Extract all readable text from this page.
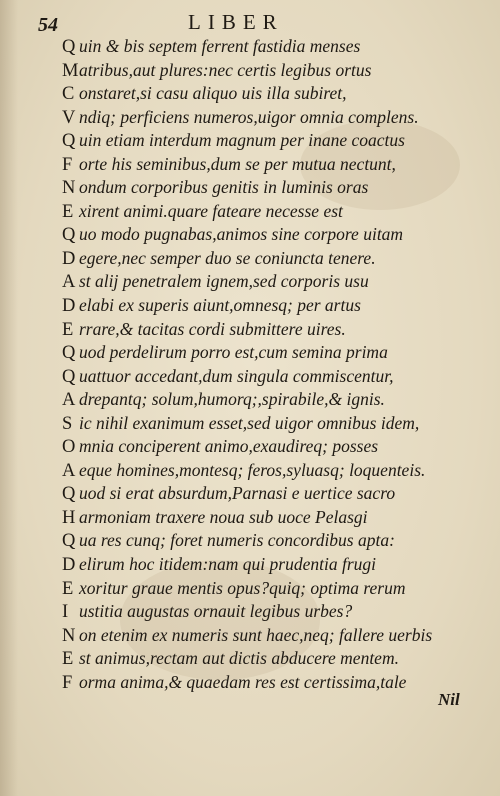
54	LIBER
Q uin & bis septem ferrent fastidia menses
Matribus,aut plures:nec certis legibus ortus
C onstaret,si casu aliquo uis illa subiret,
V ndiq; perficiens numeros,uigor omnia complens.
Q uin etiam interdum magnum per inane coactus
F orte his seminibus,dum se per mutua nectunt,
N ondum corporibus genitis in luminis oras
E xirent animi.quare fateare necesse est
Q uo modo pugnabas,animos sine corpore uitam
D egere,nec semper duo se coniuncta tenere.
A st alij penetralem ignem,sed corporis usu
D elabi ex superis aiunt,omnesq; per artus
E rrare,& tacitas cordi submittere uires.
Q uod perdelirum porro est,cum semina prima
Q uattuor accedant,dum singula commiscentur,
A drepantq; solum,humorq;,spirabile,& ignis.
S ic nihil exanimum esset,sed uigor omnibus idem,
O mnia conciperent animo,exaudireq; posses
A eque homines,montesq; feros,syluasq; loquenteis.
Q uod si erat absurdum,Parnasi e uertice sacro
H armoniam traxere noua sub uoce Pelasgi
Q ua res cunq; foret numeris concordibus apta:
D elirum hoc itidem:nam qui prudentia frugi
E xoritur graue mentis opus?quiq; optima rerum
I ustitia augustas ornauit legibus urbes?
N on etenim ex numeris sunt haec,neq; fallere uerbis
E st animus,rectam aut dictis abducere mentem.
F orma anima,& quaedam res est certissima,tale
Nil
